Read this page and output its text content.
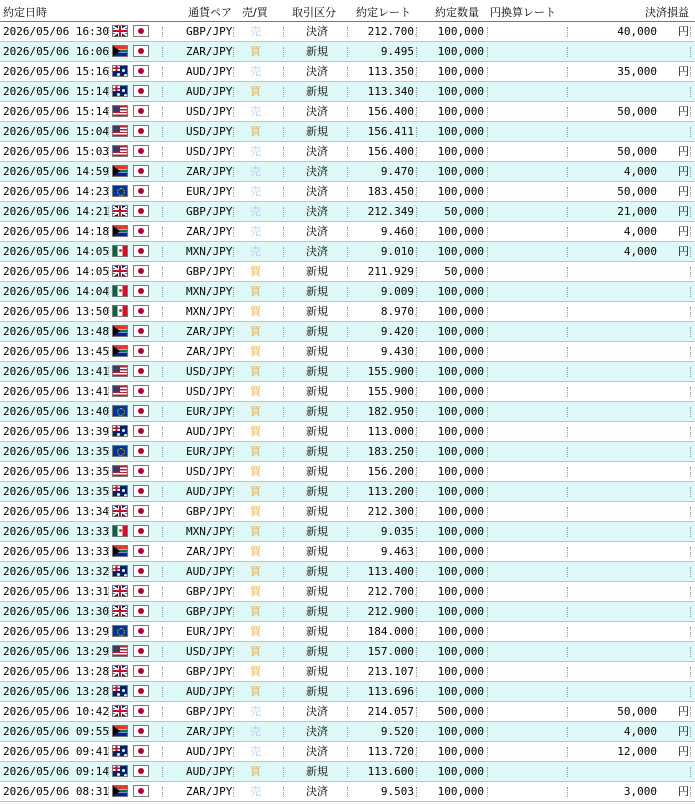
約定日時	通貨ペア 売/買 取引区分 約定レート 約定数量 円換算レート	決済損益
2026/05/06 16:30	GBP/JPY 売	決済	212.700 100,000	40,000 円
2026/05/06 16:06	ZAR/JPY 買	新規	9.495 100,000
2026/05/06 15:16	AUD/JPY 売	決済	113.350 100,000	35,000 円
2026/05/06 15:14	AUD/JPY 買	新規	113.340 100,000
2026/05/06 15:14	USD/JPY 売	決済	156.400 100,000	50,000 円
2026/05/06 15:04	USD/JPY 買	新規	156.411 100,000
2026/05/06 15:03	USD/JPY 売	決済	156.400 100,000	50,000 円
2026/05/06 14:59	ZAR/JPY 売	決済	9.470 100,000	4,000 円
2026/05/06 14:23	EUR/JPY 売	決済	183.450 100,000	50,000 円
2026/05/06 14:21	GBP/JPY 売	決済	212.349	50,000	21,000 円
2026/05/06 14:18	ZAR/JPY 売	決済	9.460 100,000	4,000 円
2026/05/06 14:05	MXN/JPY 売	決済	9.010 100,000	4,000 円
2026/05/06 14:05	GBP/JPY 買	新規	211.929	50,000
2026/05/06 14:04	MXN/JPY 買	新規	9.009 100,000
2026/05/06 13:50	MXN/JPY 買	新規	8.970 100,000
2026/05/06 13:48	ZAR/JPY 買	新規	9.420 100,000
2026/05/06 13:45	ZAR/JPY 買	新規	9.430 100,000
2026/05/06 13:41	USD/JPY 買	新規	155.900 100,000
2026/05/06 13:41	USD/JPY 買	新規	155.900 100,000
2026/05/06 13:40	EUR/JPY 買	新規	182.950 100,000
2026/05/06 13:39	AUD/JPY 買	新規	113.000 100,000
2026/05/06 13:35	EUR/JPY 買	新規	183.250 100,000
2026/05/06 13:35	USD/JPY 買	新規	156.200 100,000
2026/05/06 13:35	AUD/JPY 買	新規	113.200 100,000
2026/05/06 13:34	GBP/JPY 買	新規	212.300 100,000
2026/05/06 13:33	MXN/JPY 買	新規	9.035 100,000
2026/05/06 13:33	ZAR/JPY 買	新規	9.463 100,000
2026/05/06 13:32	AUD/JPY 買	新規	113.400 100,000
2026/05/06 13:31	GBP/JPY 買	新規	212.700 100,000
2026/05/06 13:30	GBP/JPY 買	新規	212.900 100,000
2026/05/06 13:29	EUR/JPY 買	新規	184.000 100,000
2026/05/06 13:29	USD/JPY 買	新規	157.000 100,000
2026/05/06 13:28	GBP/JPY 買	新規	213.107 100,000
2026/05/06 13:28	AUD/JPY 買	新規	113.696 100,000
2026/05/06 10:42	GBP/JPY 売	決済	214.057 500,000	50,000 円
2026/05/06 09:55	ZAR/JPY 売	決済	9.520 100,000	4,000 円
2026/05/06 09:41	AUD/JPY 売	決済	113.720 100,000	12,000 円
2026/05/06 09:14	AUD/JPY 買	新規	113.600 100,000
2026/05/06 08:31	ZAR/JPY 売	決済	9.503 100,000	3,000 円
